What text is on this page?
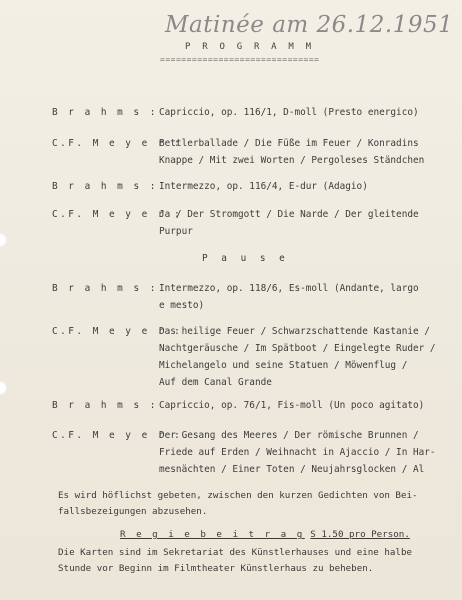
Matinée am 26.12.1951
P R O G R A M M
==============================
B r a h m s : Capriccio, op. 116/1, D-moll (Presto energico)
C.F. M e y e r :
Bettlerballade / Die Füße im Feuer / Konradins
Knappe / Mit zwei Worten / Pergoleses Ständchen
B r a h m s : Intermezzo, op. 116/4, E-dur (Adagio)
C.F. M e y e r :
Ja / Der Stromgott / Die Narde / Der gleitende
Purpur
P a u s e
B r a h m s : Intermezzo, op. 118/6, Es-moll (Andante, largo
e mesto)
C.F. M e y e r :
Das heilige Feuer / Schwarzschattende Kastanie /
Nachtgeräusche / Im Spätboot / Eingelegte Ruder /
Michelangelo und seine Statuen / Möwenflug /
Auf dem Canal Grande
B r a h m s : Capriccio, op. 76/1, Fis-moll (Un poco agitato)
C.F. M e y e r :
Der Gesang des Meeres / Der römische Brunnen /
Friede auf Erden / Weihnacht in Ajaccio / In Har-
mesnächten / Einer Toten / Neujahrsglocken / Al
Es wird höflichst gebeten, zwischen den kurzen Gedichten von Bei-
fallsbezeigungen abzusehen.
R e g i e b e i t r a g S 1.50 pro Person.
Die Karten sind im Sekretariat des Künstlerhauses und eine halbe
Stunde vor Beginn im Filmtheater Künstlerhaus zu beheben.
